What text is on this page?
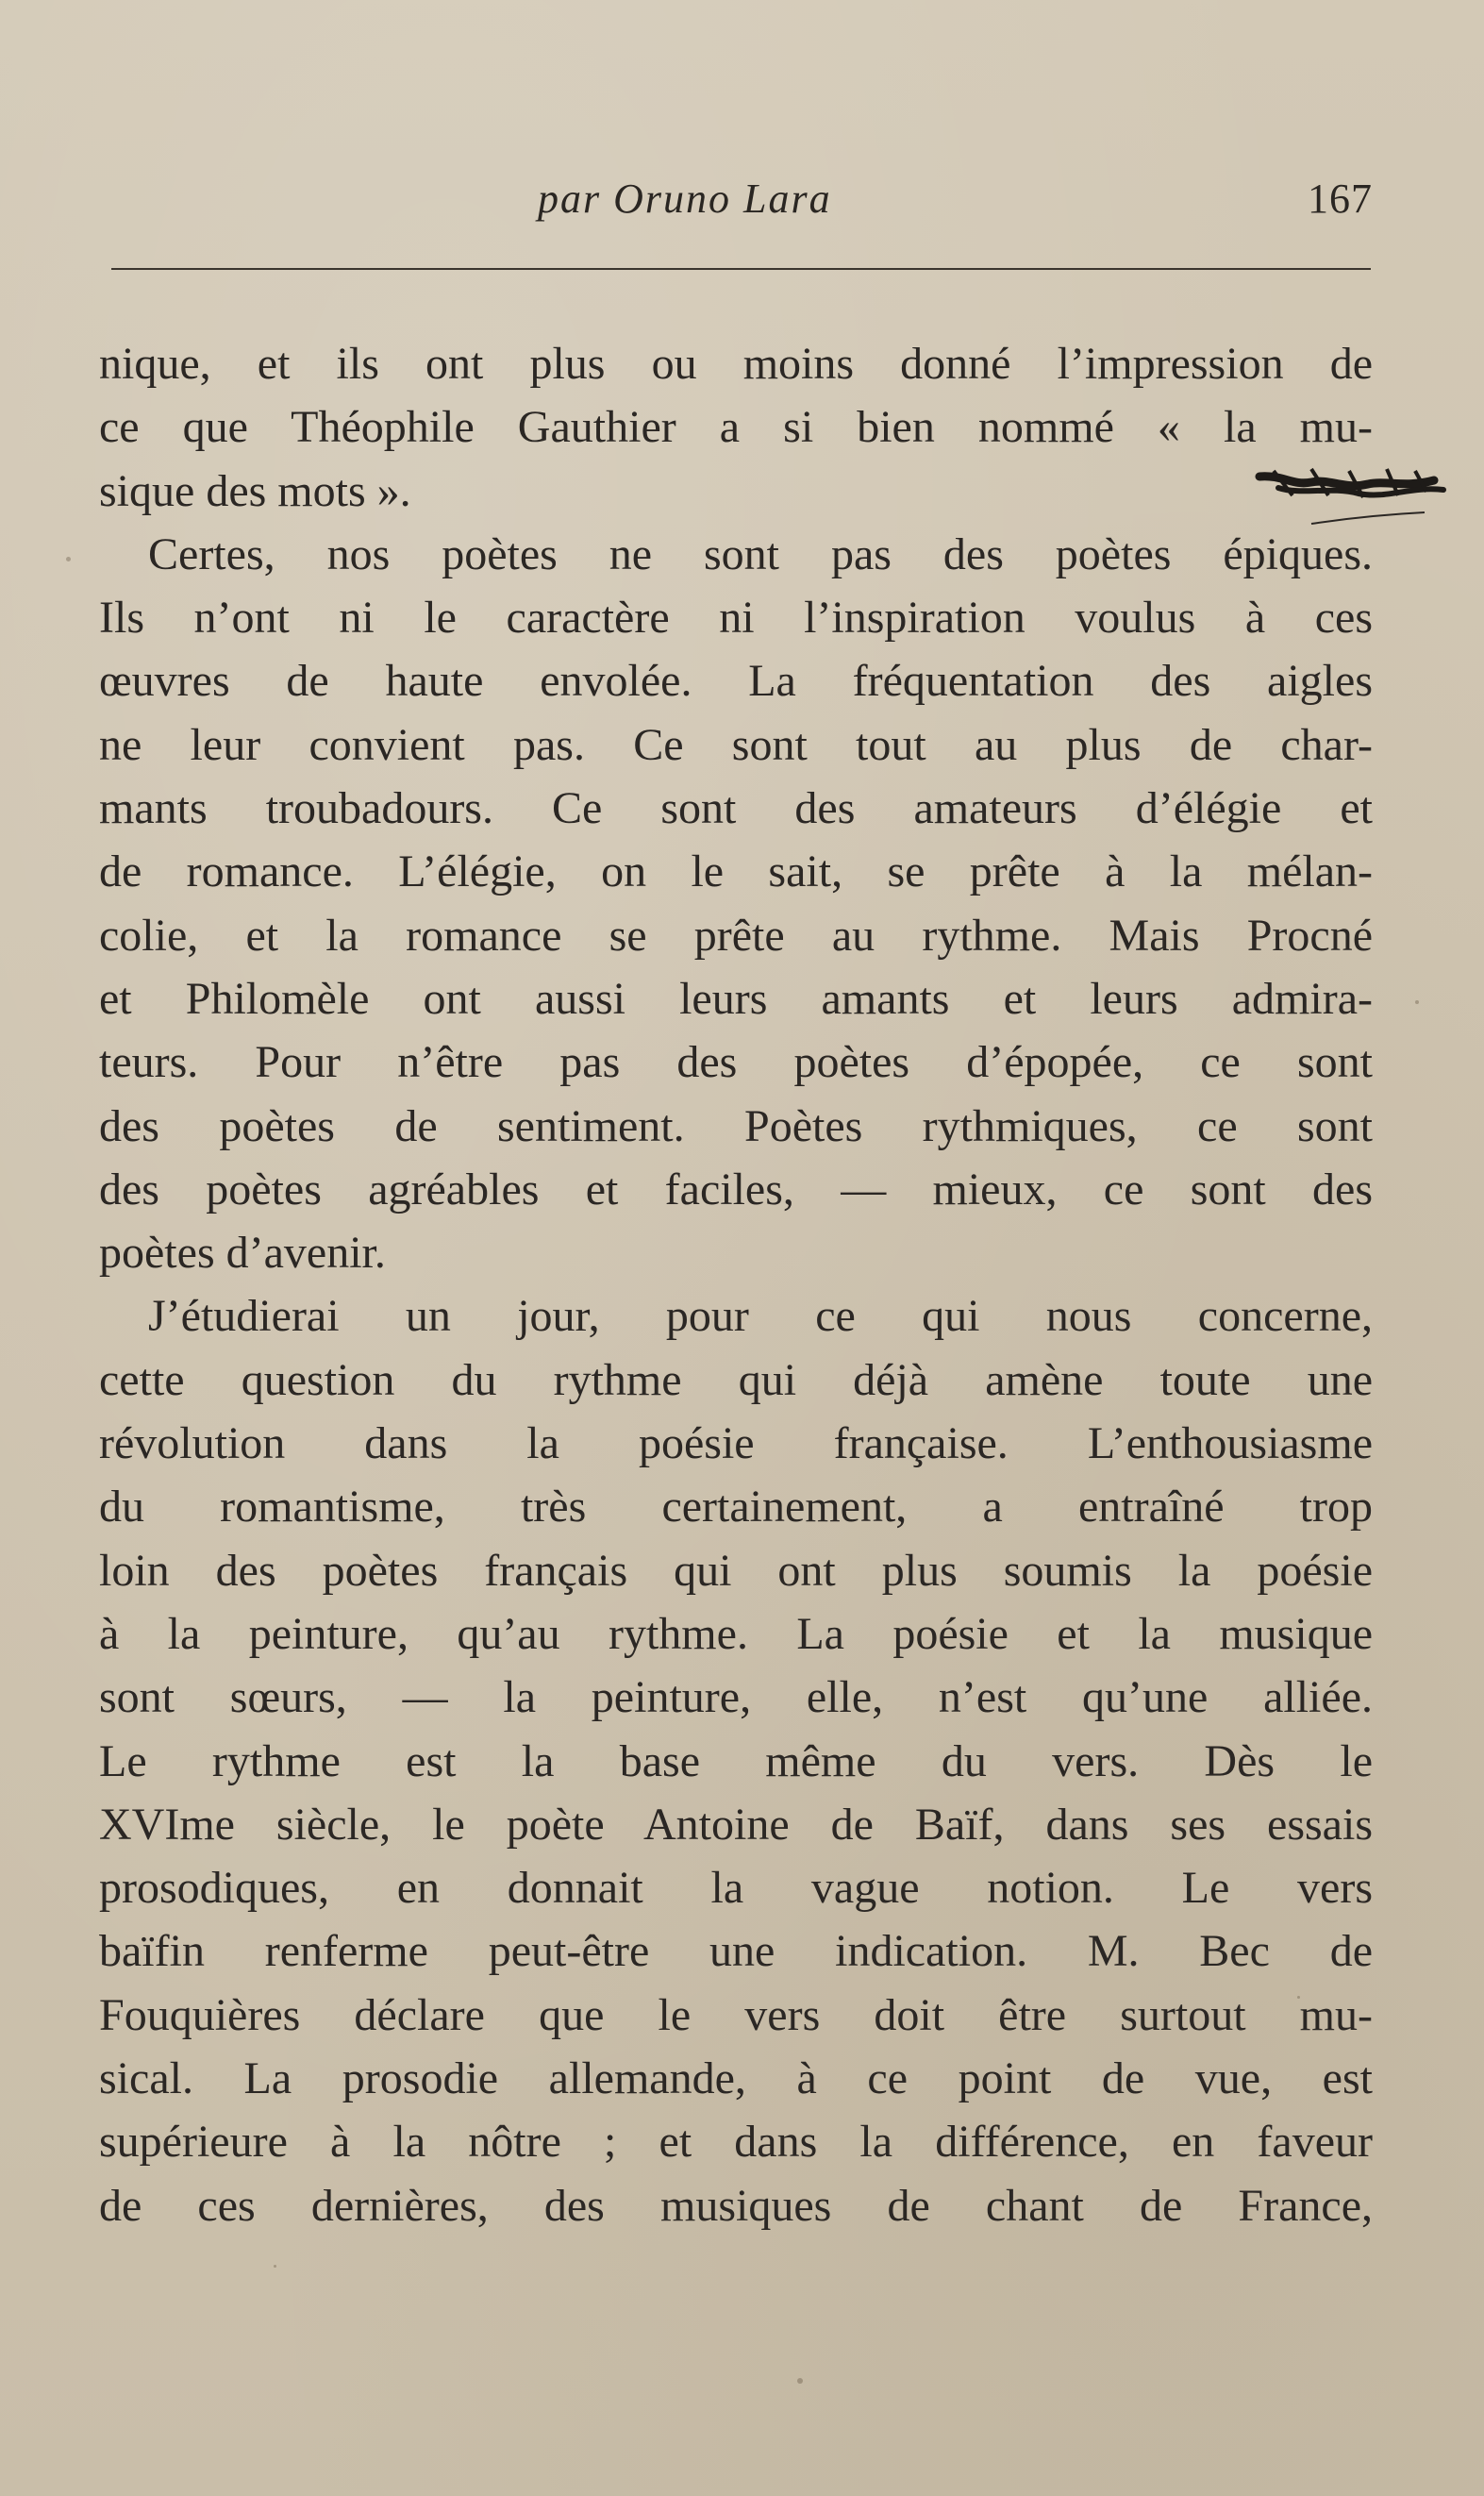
par Oruno Lara	167
nique, et ils ont plus ou moins donné l’impression de
ce que Théophile Gauthier a si bien nommé « la mu-
sique des mots ».
Certes, nos poètes ne sont pas des poètes épiques.
Ils n’ont ni le caractère ni l’inspiration voulus à ces
œuvres de haute envolée. La fréquentation des aigles
ne leur convient pas. Ce sont tout au plus de char-
mants troubadours. Ce sont des amateurs d’élégie et
de romance. L’élégie, on le sait, se prête à la mélan-
colie, et la romance se prête au rythme. Mais Procné
et Philomèle ont aussi leurs amants et leurs admira-
teurs. Pour n’être pas des poètes d’épopée, ce sont
des poètes de sentiment. Poètes rythmiques, ce sont
des poètes agréables et faciles, — mieux, ce sont des
poètes d’avenir.
J’étudierai un jour, pour ce qui nous concerne,
cette question du rythme qui déjà amène toute une
révolution dans la poésie française. L’enthousiasme
du romantisme, très certainement, a entraîné trop
loin des poètes français qui ont plus soumis la poésie
à la peinture, qu’au rythme. La poésie et la musique
sont sœurs, — la peinture, elle, n’est qu’une alliée.
Le rythme est la base même du vers. Dès le
XVIme siècle, le poète Antoine de Baïf, dans ses essais
prosodiques, en donnait la vague notion. Le vers
baïfin renferme peut-être une indication. M. Bec de
Fouquières déclare que le vers doit être surtout mu-
sical. La prosodie allemande, à ce point de vue, est
supérieure à la nôtre ; et dans la différence, en faveur
de ces dernières, des musiques de chant de France,
